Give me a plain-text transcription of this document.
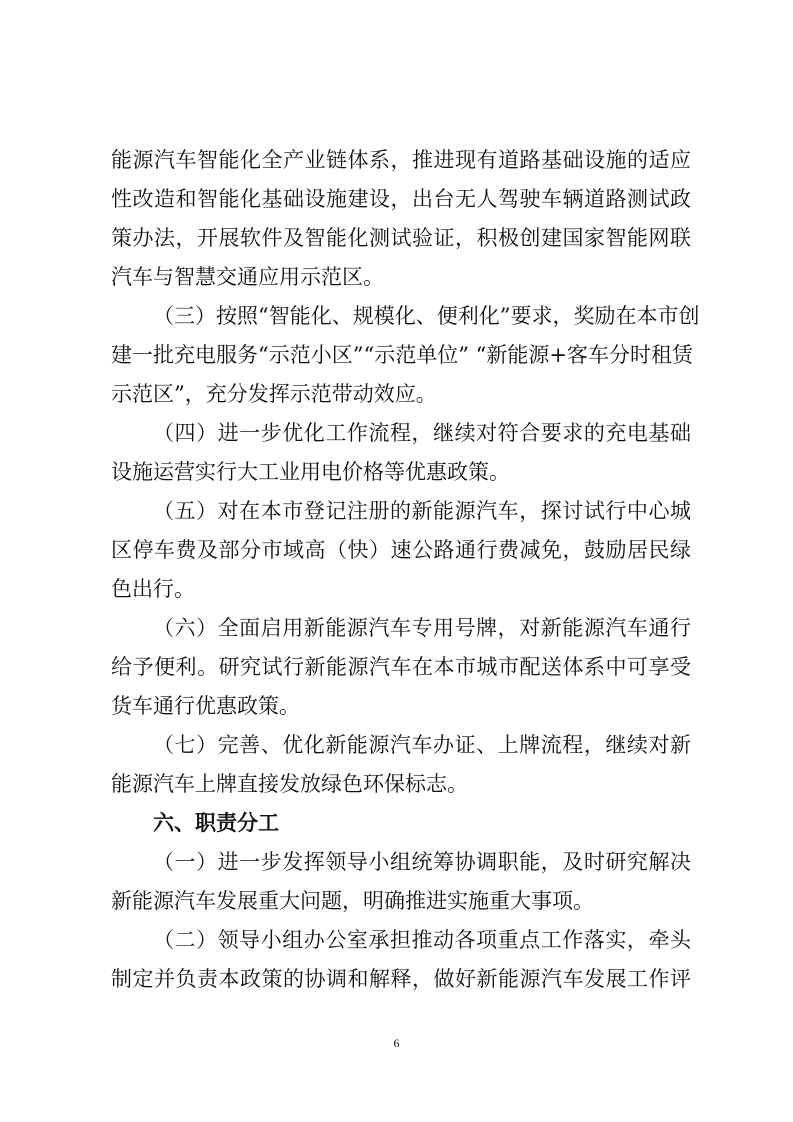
能源汽车智能化全产业链体系，推进现有道路基础设施的适应
性改造和智能化基础设施建设，出台无人驾驶车辆道路测试政
策办法，开展软件及智能化测试验证，积极创建国家智能网联
汽车与智慧交通应用示范区。
（三）按照“智能化、规模化、便利化”要求，奖励在本市创
建一批充电服务“示范小区”“示范单位” “新能源+客车分时租赁
示范区”，充分发挥示范带动效应。
（四）进一步优化工作流程，继续对符合要求的充电基础
设施运营实行大工业用电价格等优惠政策。
（五）对在本市登记注册的新能源汽车，探讨试行中心城
区停车费及部分市域高（快）速公路通行费减免，鼓励居民绿
色出行。
（六）全面启用新能源汽车专用号牌，对新能源汽车通行
给予便利。研究试行新能源汽车在本市城市配送体系中可享受
货车通行优惠政策。
（七）完善、优化新能源汽车办证、上牌流程，继续对新
能源汽车上牌直接发放绿色环保标志。
六、职责分工
（一）进一步发挥领导小组统筹协调职能，及时研究解决
新能源汽车发展重大问题，明确推进实施重大事项。
（二）领导小组办公室承担推动各项重点工作落实，牵头
制定并负责本政策的协调和解释，做好新能源汽车发展工作评
6
